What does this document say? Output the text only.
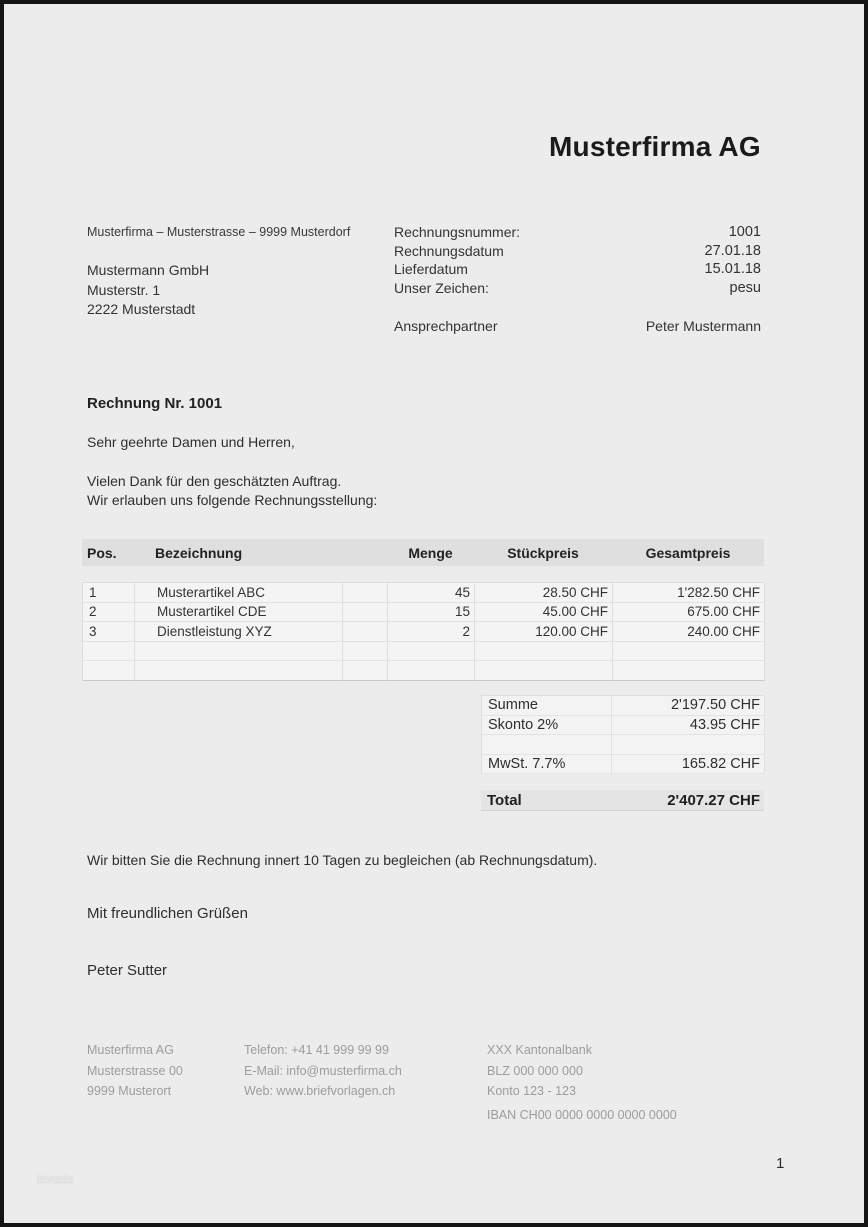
Musterfirma AG
Musterfirma – Musterstrasse – 9999 Musterdorf
Mustermann GmbH
Musterstr. 1
2222 Musterstadt
Rechnungsnummer:	1001
Rechnungsdatum	27.01.18
Lieferdatum	15.01.18
Unser Zeichen:	pesu
Ansprechpartner	Peter Mustermann
Rechnung Nr. 1001
Sehr geehrte Damen und Herren,
Vielen Dank für den geschätzten Auftrag.
Wir erlauben uns folgende Rechnungsstellung:
Pos.	Bezeichnung	Menge	Stückpreis	Gesamtpreis
1	Musterartikel ABC	45	28.50 CHF	1'282.50 CHF
2	Musterartikel CDE	15	45.00 CHF	675.00 CHF
3	Dienstleistung XYZ	2	120.00 CHF	240.00 CHF
Summe	2'197.50 CHF
Skonto 2%	43.95 CHF
MwSt. 7.7%	165.82 CHF
Total	2'407.27 CHF
Wir bitten Sie die Rechnung innert 10 Tagen zu begleichen (ab Rechnungsdatum).
Mit freundlichen Grüßen
Peter Sutter
Musterfirma AG
Musterstrasse 00
9999 Musterort
Telefon: +41 41 999 99 99
E-Mail: info@musterfirma.ch
Web: www.briefvorlagen.ch
XXX Kantonalbank
BLZ 000 000 000
Konto 123 - 123
IBAN CH00 0000 0000 0000 0000
1
tinypedia
